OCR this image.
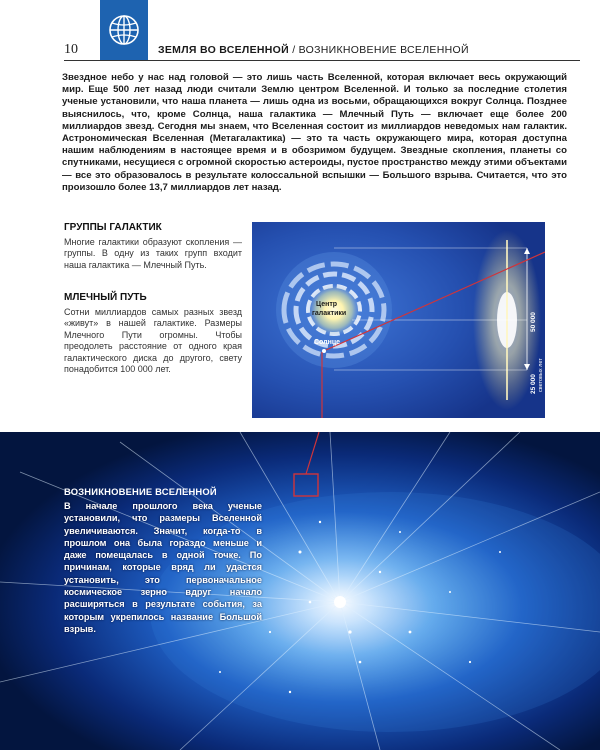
10	ЗЕМЛЯ ВО ВСЕЛЕННОЙ / ВОЗНИКНОВЕНИЕ ВСЕЛЕННОЙ

Звездное небо у нас над головой — это лишь часть Вселенной, которая включает весь окружающий мир. Еще 500 лет назад люди считали Землю центром Вселенной. И только за последние столетия ученые установили, что наша планета — лишь одна из восьми, обращающихся вокруг Солнца. Позднее выяснилось, что, кроме Солнца, наша галактика — Млечный Путь — включает еще более 200 миллиардов звезд. Сегодня мы знаем, что Вселенная состоит из миллиардов неведомых нам галактик. Астрономическая Вселенная (Метагалактика) — это та часть окружающего мира, которая доступна нашим наблюдениям в настоящее время и в обозримом будущем. Звездные скопления, планеты со спутниками, несущиеся с огромной скоростью астероиды, пустое пространство между этими объектами — все это образовалось в результате колоссальной вспышки — Большого взрыва. Считается, что это произошло более 13,7 миллиардов лет назад.

ГРУППЫ ГАЛАКТИК

Многие галактики образуют скопления — группы. В одну из таких групп входит наша галактика — Млечный Путь.

МЛЕЧНЫЙ ПУТЬ

Сотни миллиардов самых разных звезд «живут» в нашей галактике. Размеры Млечного Пути огромны. Чтобы преодолеть расстояние от одного края галактического диска до другого, свету понадобится 100 000 лет.

Центр
галактики
Солнце
50 000
25 000 световых лет
ВОЗНИКНОВЕНИЕ ВСЕЛЕННОЙ

В начале прошлого века ученые установили, что размеры Вселенной увеличиваются. Значит, когда-то в прошлом она была гораздо меньше и даже помещалась в одной точке. По причинам, которые вряд ли удастся установить, это первоначальное космическое зерно вдруг начало расширяться в результате события, за которым укрепилось название Большой взрыв.
